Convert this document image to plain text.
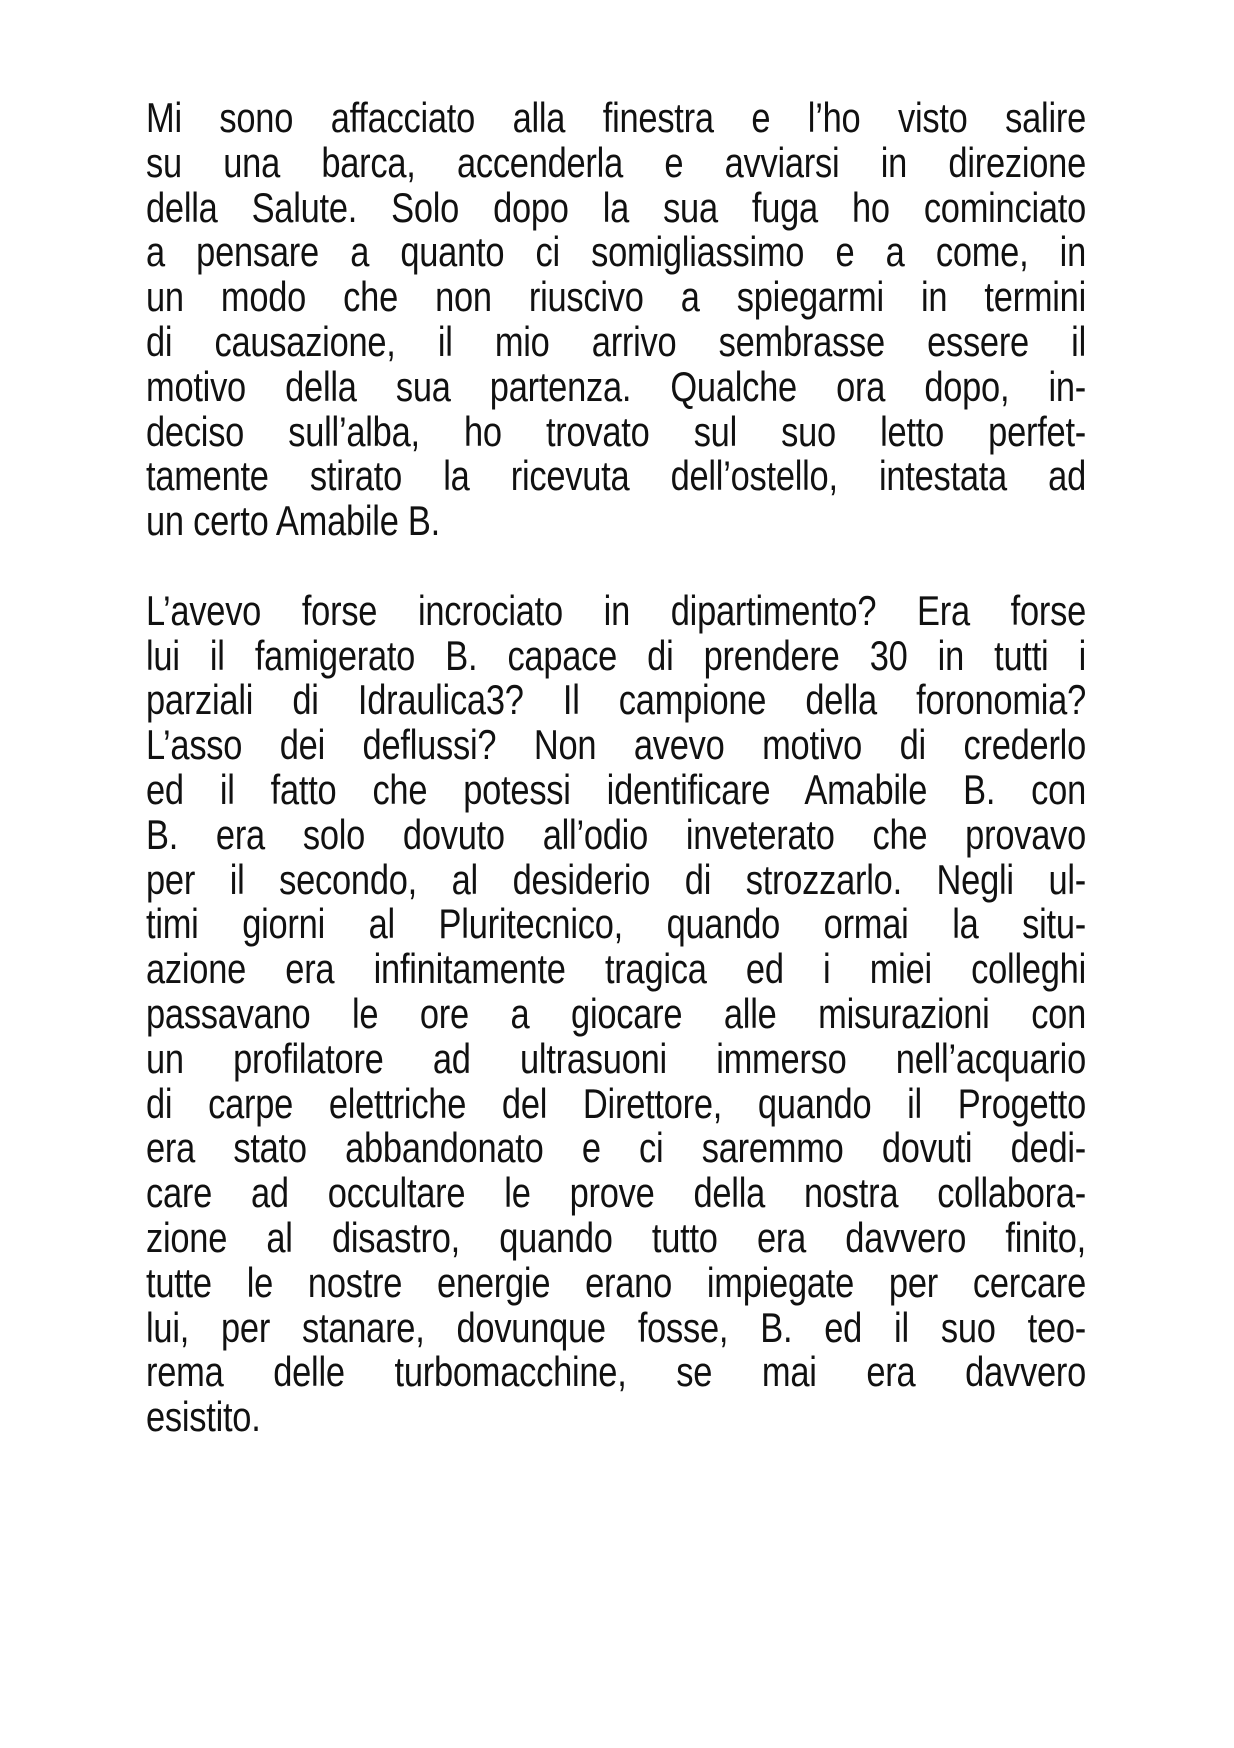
Mi sono affacciato alla finestra e l’ho visto salire
su una barca, accenderla e avviarsi in direzione
della Salute. Solo dopo la sua fuga ho cominciato
a pensare a quanto ci somigliassimo e a come, in
un modo che non riuscivo a spiegarmi in termini
di causazione, il mio arrivo sembrasse essere il
motivo della sua partenza. Qualche ora dopo, in-
deciso sull’alba, ho trovato sul suo letto perfet-
tamente stirato la ricevuta dell’ostello, intestata ad
un certo Amabile B.

L’avevo forse incrociato in dipartimento? Era forse
lui il famigerato B. capace di prendere 30 in tutti i
parziali di Idraulica3? Il campione della foronomia?
L’asso dei deflussi? Non avevo motivo di crederlo
ed il fatto che potessi identificare Amabile B. con
B. era solo dovuto all’odio inveterato che provavo
per il secondo, al desiderio di strozzarlo. Negli ul-
timi giorni al Pluritecnico, quando ormai la situ-
azione era infinitamente tragica ed i miei colleghi
passavano le ore a giocare alle misurazioni con
un profilatore ad ultrasuoni immerso nell’acquario
di carpe elettriche del Direttore, quando il Progetto
era stato abbandonato e ci saremmo dovuti dedi-
care ad occultare le prove della nostra collabora-
zione al disastro, quando tutto era davvero finito,
tutte le nostre energie erano impiegate per cercare
lui, per stanare, dovunque fosse, B. ed il suo teo-
rema delle turbomacchine, se mai era davvero
esistito.
